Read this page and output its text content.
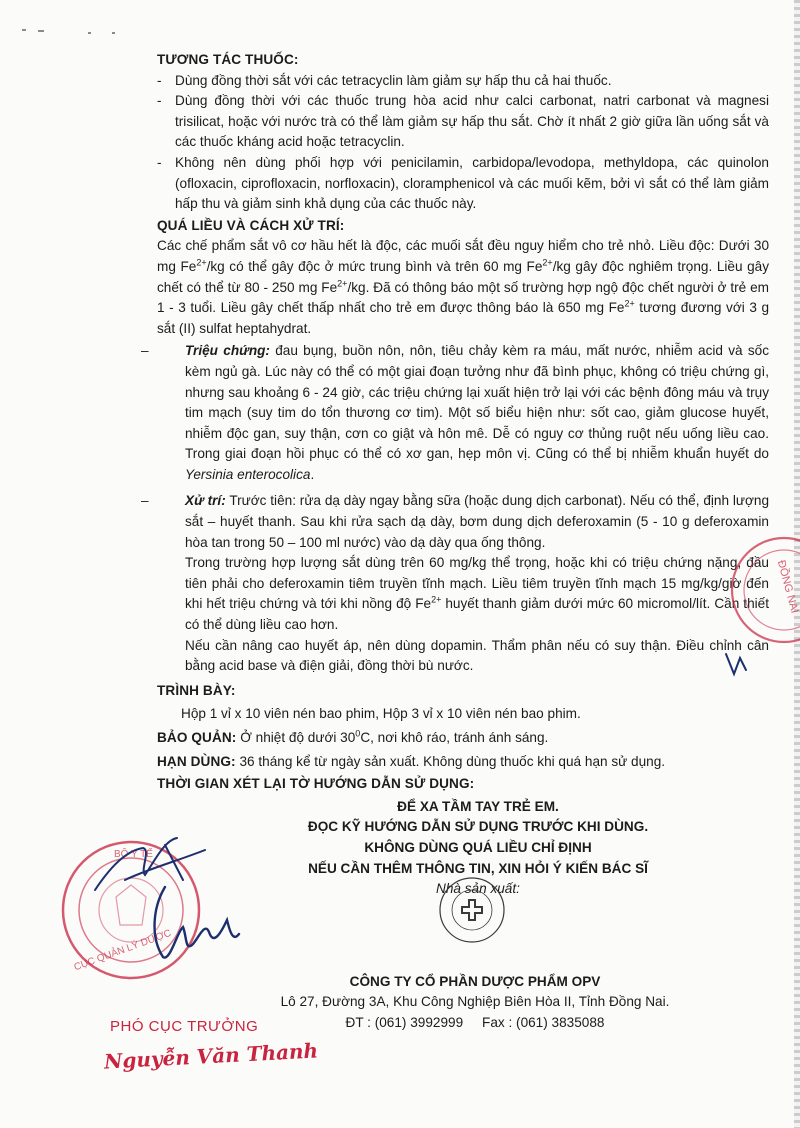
TƯƠNG TÁC THUỐC:
- Dùng đồng thời sắt với các tetracyclin làm giảm sự hấp thu cả hai thuốc.
- Dùng đồng thời với các thuốc trung hòa acid như calci carbonat, natri carbonat và magnesi trisilicat, hoặc với nước trà có thể làm giảm sự hấp thu sắt. Chờ ít nhất 2 giờ giữa lần uống sắt và các thuốc kháng acid hoặc tetracyclin.
- Không nên dùng phối hợp với penicilamin, carbidopa/levodopa, methyldopa, các quinolon (ofloxacin, ciprofloxacin, norfloxacin), cloramphenicol và các muối kẽm, bởi vì sắt có thể làm giảm hấp thu và giảm sinh khả dụng của các thuốc này.
QUÁ LIỀU VÀ CÁCH XỬ TRÍ:
Các chế phẩm sắt vô cơ hầu hết là độc, các muối sắt đều nguy hiểm cho trẻ nhỏ. Liều độc: Dưới 30 mg $Fe^{2+}/kg$ có thể gây độc ở mức trung bình và trên 60 mg $Fe^{2+}/kg$ gây độc nghiêm trọng. Liều gây chết có thể từ 80 - 250 mg $Fe^{2+}/kg$. Đã có thông báo một số trường hợp ngộ độc chết người ở trẻ em 1 - 3 tuổi. Liều gây chết thấp nhất cho trẻ em được thông báo là 650 mg $Fe^{2+}$ tương đương với 3 g sắt (II) sulfat heptahydrat.
–	Triệu chứng: đau bụng, buồn nôn, nôn, tiêu chảy kèm ra máu, mất nước, nhiễm acid và sốc kèm ngủ gà. Lúc này có thể có một giai đoạn tưởng như đã bình phục, không có triệu chứng gì, nhưng sau khoảng 6 - 24 giờ, các triệu chứng lại xuất hiện trở lại với các bệnh đông máu và trụy tim mạch (suy tim do tổn thương cơ tim). Một số biểu hiện như: sốt cao, giảm glucose huyết, nhiễm độc gan, suy thận, cơn co giật và hôn mê. Dễ có nguy cơ thủng ruột nếu uống liều cao. Trong giai đoạn hồi phục có thể có xơ gan, hẹp môn vị. Cũng có thể bị nhiễm khuẩn huyết do Yersinia enterocolica.
–	Xử trí: Trước tiên: rửa dạ dày ngay bằng sữa (hoặc dung dịch carbonat). Nếu có thể, định lượng sắt – huyết thanh. Sau khi rửa sạch dạ dày, bơm dung dịch deferoxamin (5 - 10 g deferoxamin hòa tan trong 50 – 100 ml nước) vào dạ dày qua ống thông.
Trong trường hợp lượng sắt dùng trên 60 mg/kg thể trọng, hoặc khi có triệu chứng nặng, đầu tiên phải cho deferoxamin tiêm truyền tĩnh mạch. Liều tiêm truyền tĩnh mạch 15 mg/kg/giờ đến khi hết triệu chứng và tới khi nồng độ $Fe^{2+}$ huyết thanh giảm dưới mức 60 micromol/lít. Cần thiết có thể dùng liều cao hơn.
Nếu cần nâng cao huyết áp, nên dùng dopamin. Thẩm phân nếu có suy thận. Điều chỉnh cân bằng acid base và điện giải, đồng thời bù nước.
TRÌNH BÀY:
Hộp 1 vỉ x 10 viên nén bao phim, Hộp 3 vỉ x 10 viên nén bao phim.
BẢO QUẢN: Ở nhiệt độ dưới $30^0C$, nơi khô ráo, tránh ánh sáng.
HẠN DÙNG: 36 tháng kể từ ngày sản xuất. Không dùng thuốc khi quá hạn sử dụng.
THỜI GIAN XÉT LẠI TỜ HƯỚNG DẪN SỬ DỤNG:
ĐỂ XA TẦM TAY TRẺ EM.
ĐỌC KỸ HƯỚNG DẪN SỬ DỤNG TRƯỚC KHI DÙNG.
KHÔNG DÙNG QUÁ LIỀU CHỈ ĐỊNH
NẾU CẦN THÊM THÔNG TIN, XIN HỎI Ý KIẾN BÁC SĨ
Nhà sản xuất:
CÔNG TY CỔ PHẦN DƯỢC PHẨM OPV
Lô 27, Đường 3A, Khu Công Nghiệp Biên Hòa II, Tỉnh Đồng Nai.
ĐT : (061) 3992999 Fax : (061) 3835088
BỘ Y TẾ
CỤC QUẢN LÝ DƯỢC
ĐỒNG NAI
PHÓ CỤC TRƯỞNG
Nguyễn Văn Thanh
